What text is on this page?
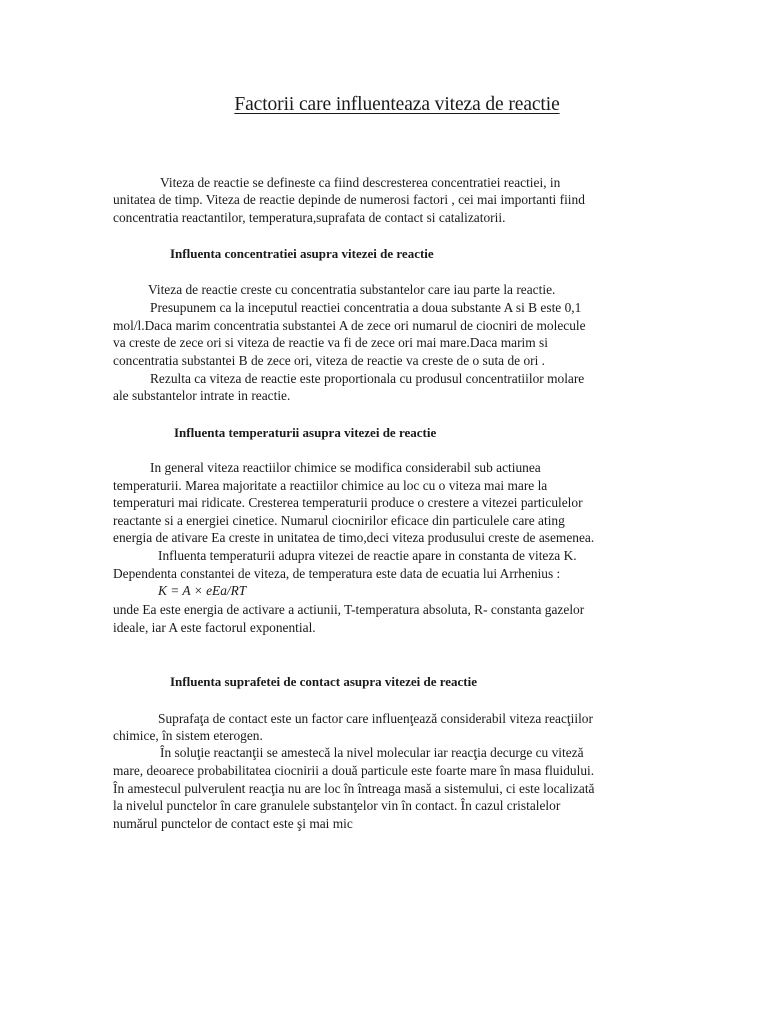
Factorii care influenteaza viteza de reactie
Viteza de reactie se defineste ca fiind descresterea concentratiei reactiei, in
unitatea de timp. Viteza de reactie depinde de numerosi factori , cei mai importanti fiind
concentratia reactantilor, temperatura,suprafata de contact si catalizatorii.
Influenta concentratiei asupra vitezei de reactie
Viteza de reactie creste cu concentratia substantelor care iau parte la reactie.
Presupunem ca la inceputul reactiei concentratia a doua substante A si B este 0,1
mol/l.Daca marim concentratia substantei A de zece ori numarul de ciocniri de molecule
va creste de zece ori si viteza de reactie va fi de zece ori mai mare.Daca marim si
concentratia substantei B de zece ori, viteza de reactie va creste de o suta de ori .
Rezulta ca viteza de reactie este proportionala cu produsul concentratiilor molare
ale substantelor intrate in reactie.
Influenta temperaturii asupra vitezei de reactie
In general viteza reactiilor chimice se modifica considerabil sub actiunea
temperaturii. Marea majoritate a reactiilor chimice au loc cu o viteza mai mare la
temperaturi mai ridicate. Cresterea temperaturii produce o crestere a vitezei particulelor
reactante si a energiei cinetice. Numarul ciocnirilor eficace din particulele care ating
energia de ativare Ea creste in unitatea de timo,deci viteza produsului creste de asemenea.
Influenta temperaturii adupra vitezei de reactie apare in constanta de viteza K.
Dependenta constantei de viteza, de temperatura este data de ecuatia lui Arrhenius :
K = A × eEa/RT
unde Ea este energia de activare a actiunii, T-temperatura absoluta, R- constanta gazelor
ideale, iar A este factorul exponential.
Influenta suprafetei de contact asupra vitezei de reactie
Suprafaţa de contact este un factor care influenţează considerabil viteza reacţiilor
chimice, în sistem eterogen.
În soluţie reactanţii se amestecă la nivel molecular iar reacţia decurge cu viteză
mare, deoarece probabilitatea ciocnirii a două particule este foarte mare în masa fluidului.
În amestecul pulverulent reacţia nu are loc în întreaga masă a sistemului, ci este localizată
la nivelul punctelor în care granulele substanţelor vin în contact. În cazul cristalelor
numărul punctelor de contact este şi mai mic
